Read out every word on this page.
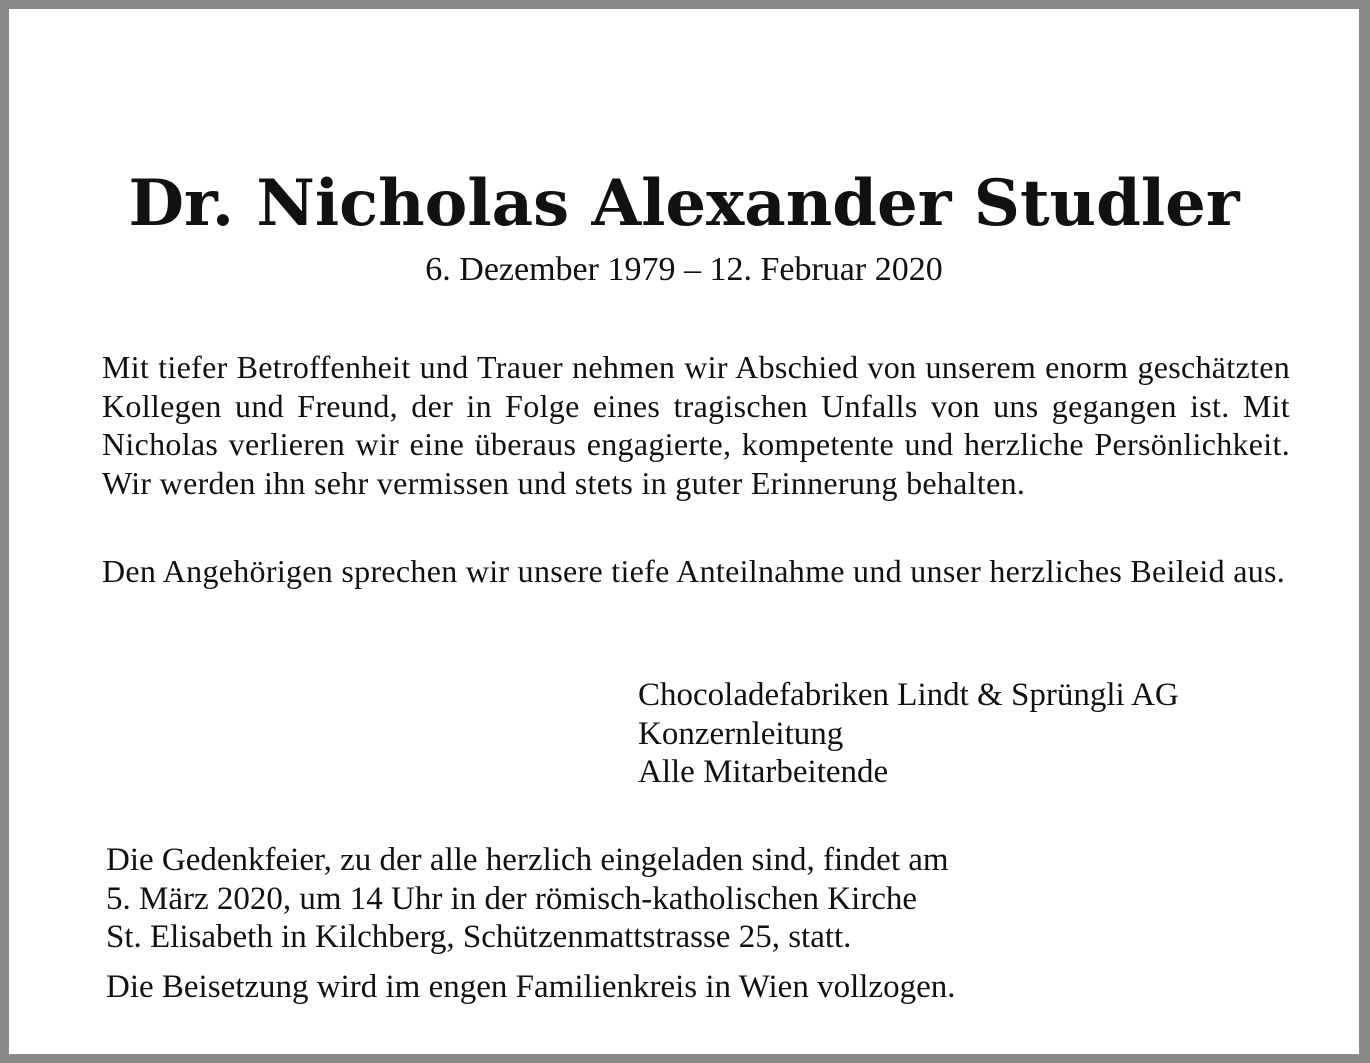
Dr. Nicholas Alexander Studler
6. Dezember 1979 – 12. Februar 2020

Mit tiefer Betroffenheit und Trauer nehmen wir Abschied von unserem enorm geschätzten Kollegen und Freund, der in Folge eines tragischen Unfalls von uns gegangen ist. Mit Nicholas verlieren wir eine überaus engagierte, kompetente und herzliche Persönlichkeit. Wir werden ihn sehr vermissen und stets in guter Erinnerung behalten.

Den Angehörigen sprechen wir unsere tiefe Anteilnahme und unser herzliches Beileid aus.

Chocoladefabriken Lindt & Sprüngli AG
Konzernleitung
Alle Mitarbeitende
Die Gedenkfeier, zu der alle herzlich eingeladen sind, findet am
5. März 2020, um 14 Uhr in der römisch-katholischen Kirche
St. Elisabeth in Kilchberg, Schützenmattstrasse 25, statt.

Die Beisetzung wird im engen Familienkreis in Wien vollzogen.
